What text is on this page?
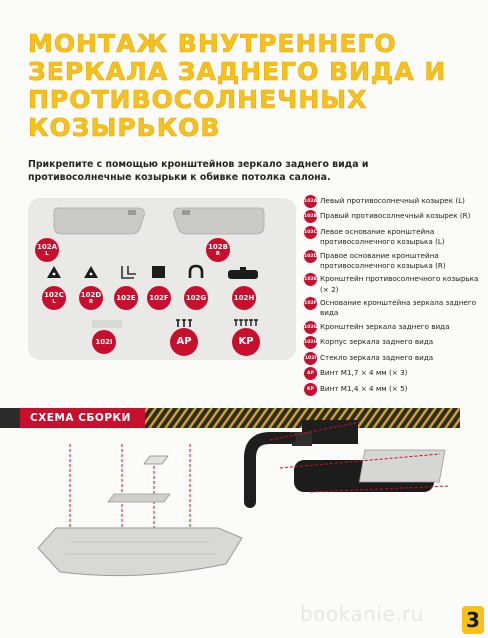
МОНТАЖ ВНУТРЕННЕГО ЗЕРКАЛА ЗАДНЕГО ВИДА И ПРОТИВОСОЛНЕЧНЫХ КОЗЫРЬКОВ

Прикрепите с помощью кронштейнов зеркало заднего вида и противосолнечные козырьки к обивке потолка салона.

102A
L
102B
R
102C
L
102D
R	102E 102F 102G	102H
102I	AP	KP
102A Левый противосолнечный козырек (L)
102B Правый противосолнечный козырек (R)
102C Левое основание кронштейна противосолнечного козырька (L)
102D Правое основание кронштейна противосолнечного козырька (R)
102E Кронштейн противосолнечного козырька (× 2)
102F Основание кронштейна зеркала заднего вида
102G Кронштейн зеркала заднего вида
102H Корпус зеркала заднего вида
102I Стекло зеркала заднего вида
AP Винт M1,7 × 4 мм (× 3)
KP Винт M1,4 × 4 мм (× 5)
СХЕМА СБОРКИ
bookanie.ru 3
